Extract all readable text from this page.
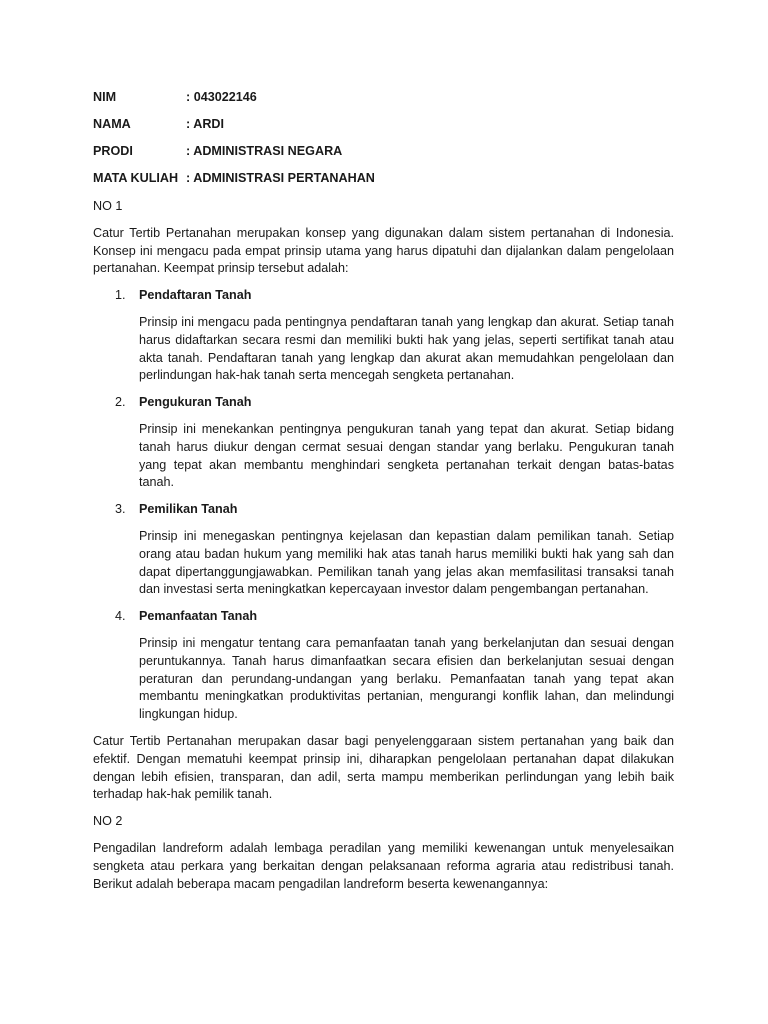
NIM	: 043022146
NAMA	: ARDI
PRODI	: ADMINISTRASI NEGARA
MATA KULIAH : ADMINISTRASI PERTANAHAN

NO 1

Catur Tertib Pertanahan merupakan konsep yang digunakan dalam sistem pertanahan di Indonesia. Konsep ini mengacu pada empat prinsip utama yang harus dipatuhi dan dijalankan dalam pengelolaan pertanahan. Keempat prinsip tersebut adalah:

1. Pendaftaran Tanah
Prinsip ini mengacu pada pentingnya pendaftaran tanah yang lengkap dan akurat. Setiap tanah harus didaftarkan secara resmi dan memiliki bukti hak yang jelas, seperti sertifikat tanah atau akta tanah. Pendaftaran tanah yang lengkap dan akurat akan memudahkan pengelolaan dan perlindungan hak-hak tanah serta mencegah sengketa pertanahan.
2. Pengukuran Tanah
Prinsip ini menekankan pentingnya pengukuran tanah yang tepat dan akurat. Setiap bidang tanah harus diukur dengan cermat sesuai dengan standar yang berlaku. Pengukuran tanah yang tepat akan membantu menghindari sengketa pertanahan terkait dengan batas-batas tanah.
3. Pemilikan Tanah
Prinsip ini menegaskan pentingnya kejelasan dan kepastian dalam pemilikan tanah. Setiap orang atau badan hukum yang memiliki hak atas tanah harus memiliki bukti hak yang sah dan dapat dipertanggungjawabkan. Pemilikan tanah yang jelas akan memfasilitasi transaksi tanah dan investasi serta meningkatkan kepercayaan investor dalam pengembangan pertanahan.
4. Pemanfaatan Tanah
Prinsip ini mengatur tentang cara pemanfaatan tanah yang berkelanjutan dan sesuai dengan peruntukannya. Tanah harus dimanfaatkan secara efisien dan berkelanjutan sesuai dengan peraturan dan perundang-undangan yang berlaku. Pemanfaatan tanah yang tepat akan membantu meningkatkan produktivitas pertanian, mengurangi konflik lahan, dan melindungi lingkungan hidup.

Catur Tertib Pertanahan merupakan dasar bagi penyelenggaraan sistem pertanahan yang baik dan efektif. Dengan mematuhi keempat prinsip ini, diharapkan pengelolaan pertanahan dapat dilakukan dengan lebih efisien, transparan, dan adil, serta mampu memberikan perlindungan yang lebih baik terhadap hak-hak pemilik tanah.

NO 2

Pengadilan landreform adalah lembaga peradilan yang memiliki kewenangan untuk menyelesaikan sengketa atau perkara yang berkaitan dengan pelaksanaan reforma agraria atau redistribusi tanah. Berikut adalah beberapa macam pengadilan landreform beserta kewenangannya:
